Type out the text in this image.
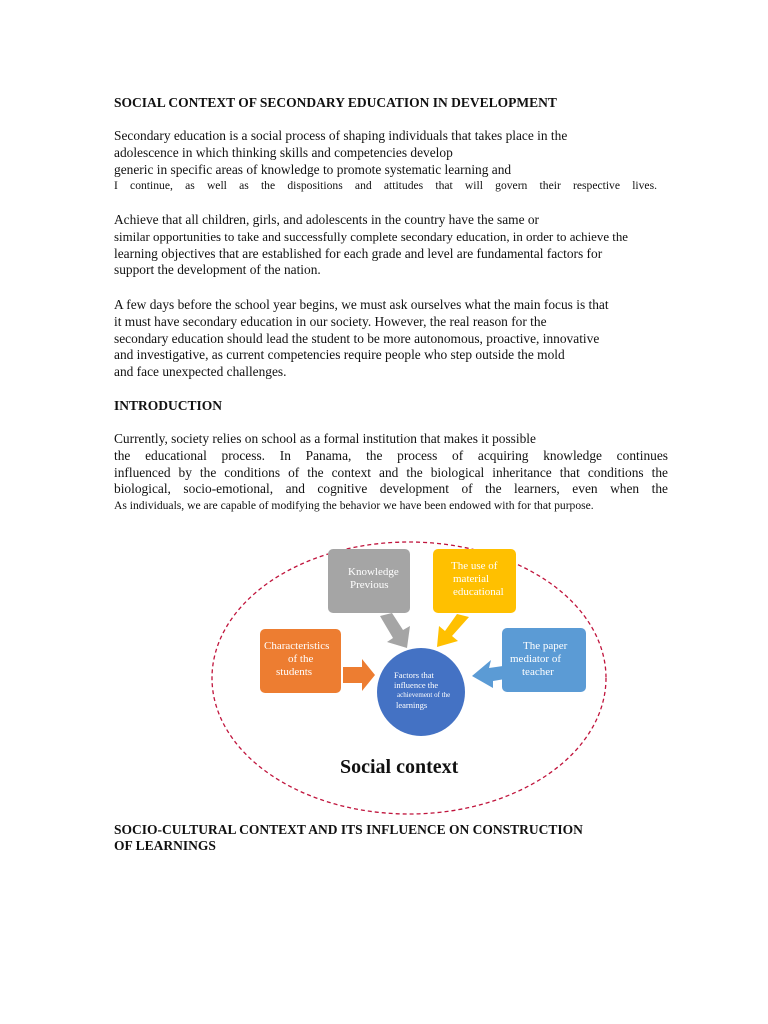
SOCIAL CONTEXT OF SECONDARY EDUCATION IN DEVELOPMENT

Secondary education is a social process of shaping individuals that takes place in the
adolescence in which thinking skills and competencies develop
generic in specific areas of knowledge to promote systematic learning and
I continue, as well as the dispositions and attitudes that will govern their respective lives.

Achieve that all children, girls, and adolescents in the country have the same or
similar opportunities to take and successfully complete secondary education, in order to achieve the
learning objectives that are established for each grade and level are fundamental factors for
support the development of the nation.

A few days before the school year begins, we must ask ourselves what the main focus is that
it must have secondary education in our society. However, the real reason for the
secondary education should lead the student to be more autonomous, proactive, innovative
and investigative, as current competencies require people who step outside the mold
and face unexpected challenges.

INTRODUCTION

Currently, society relies on school as a formal institution that makes it possible
the educational process. In Panama, the process of acquiring knowledge continues
influenced by the conditions of the context and the biological inheritance that conditions the
biological, socio-emotional, and cognitive development of the learners, even when the
As individuals, we are capable of modifying the behavior we have been endowed with for that purpose.

Knowledge
Previous
The use of
material
educational
Characteristics
of the
students
The paper
mediator of
teacher
Factors that
influence the
achievement of the
learnings
Social context

SOCIO-CULTURAL CONTEXT AND ITS INFLUENCE ON CONSTRUCTION
OF LEARNINGS
